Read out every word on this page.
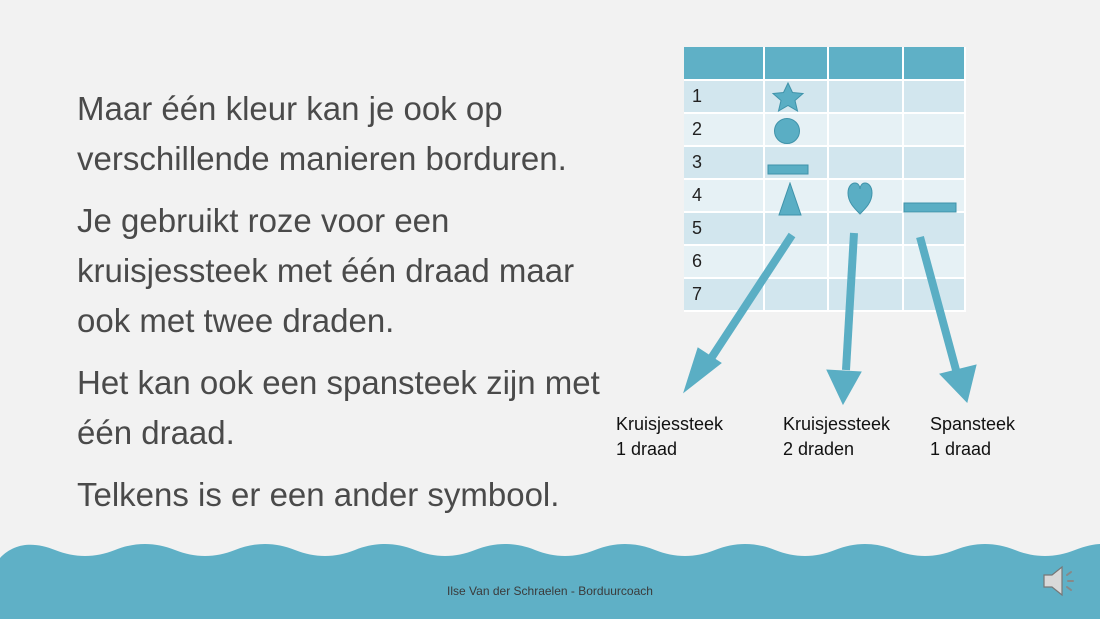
Maar één kleur kan je ook op verschillende manieren borduren.

Je gebruikt roze voor een kruisjessteek met één draad maar ook met twee draden.

Het kan ook een spansteek zijn met één draad.

Telkens is er een ander symbool.

1			
2			
3			
4			
5			
6			
7			
Kruisjessteek
1 draad
Kruisjessteek
2 draden
Spansteek
1 draad
Ilse Van der Schraelen - Borduurcoach
